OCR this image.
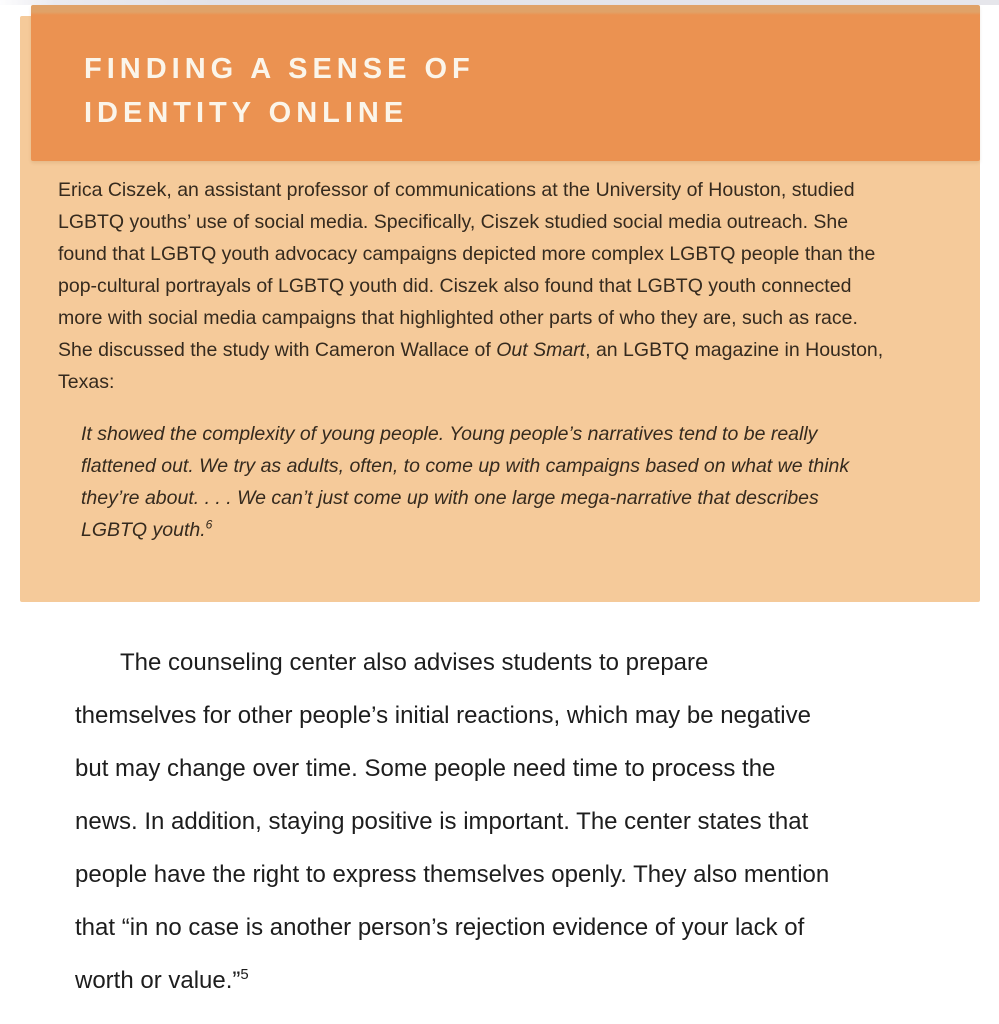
FINDING A SENSE OF
IDENTITY ONLINE

Erica Ciszek, an assistant professor of communications at the University of Houston, studied LGBTQ youths’ use of social media. Specifically, Ciszek studied social media outreach. She found that LGBTQ youth advocacy campaigns depicted more complex LGBTQ people than the pop-cultural portrayals of LGBTQ youth did. Ciszek also found that LGBTQ youth connected more with social media campaigns that highlighted other parts of who they are, such as race. She discussed the study with Cameron Wallace of Out Smart, an LGBTQ magazine in Houston, Texas:

It showed the complexity of young people. Young people’s narratives tend to be really flattened out. We try as adults, often, to come up with campaigns based on what we think they’re about. . . . We can’t just come up with one large mega-narrative that describes LGBTQ youth.$^6$

The counseling center also advises students to prepare themselves for other people’s initial reactions, which may be negative but may change over time. Some people need time to process the news. In addition, staying positive is important. The center states that people have the right to express themselves openly. They also mention that “in no case is another person’s rejection evidence of your lack of worth or value.”$^5$
